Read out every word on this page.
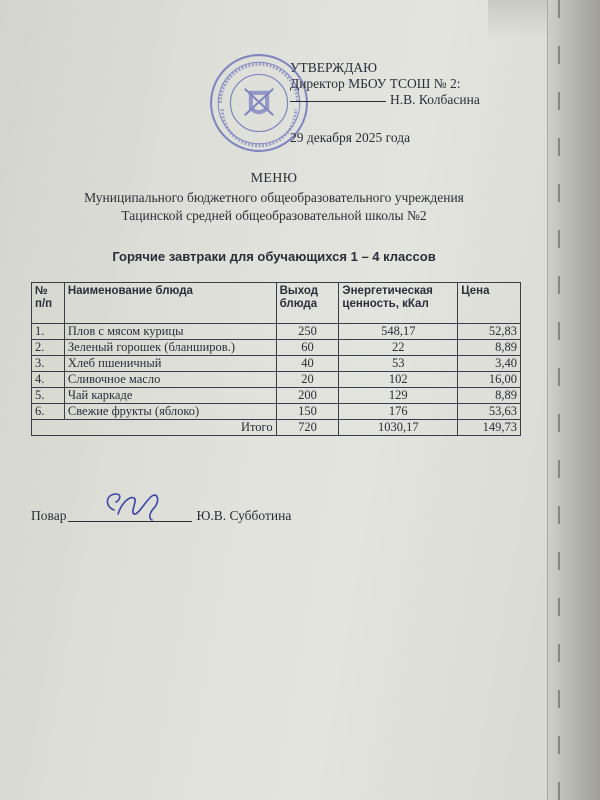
УТВЕРЖДАЮ
Директор МБОУ ТСОШ № 2:
Н.В. Колбасина
29 декабря 2025 года
МЕНЮ
Муниципального бюджетного общеобразовательного учреждения
Тацинской средней общеобразовательной школы №2
Горячие завтраки для обучающихся 1 – 4 классов
№ п/п	Наименование блюда	Выход блюда	Энергетическая ценность, кКал	Цена
1.	Плов с мясом курицы	250	548,17	52,83
2.	Зеленый горошек (бланширов.)	60	22	8,89
3.	Хлеб пшеничный	40	53	3,40
4.	Сливочное масло	20	102	16,00
5.	Чай каркаде	200	129	8,89
6.	Свежие фрукты (яблоко)	150	176	53,63
Итого		720	1030,17	149,73
Повар	Ю.В. Субботина
